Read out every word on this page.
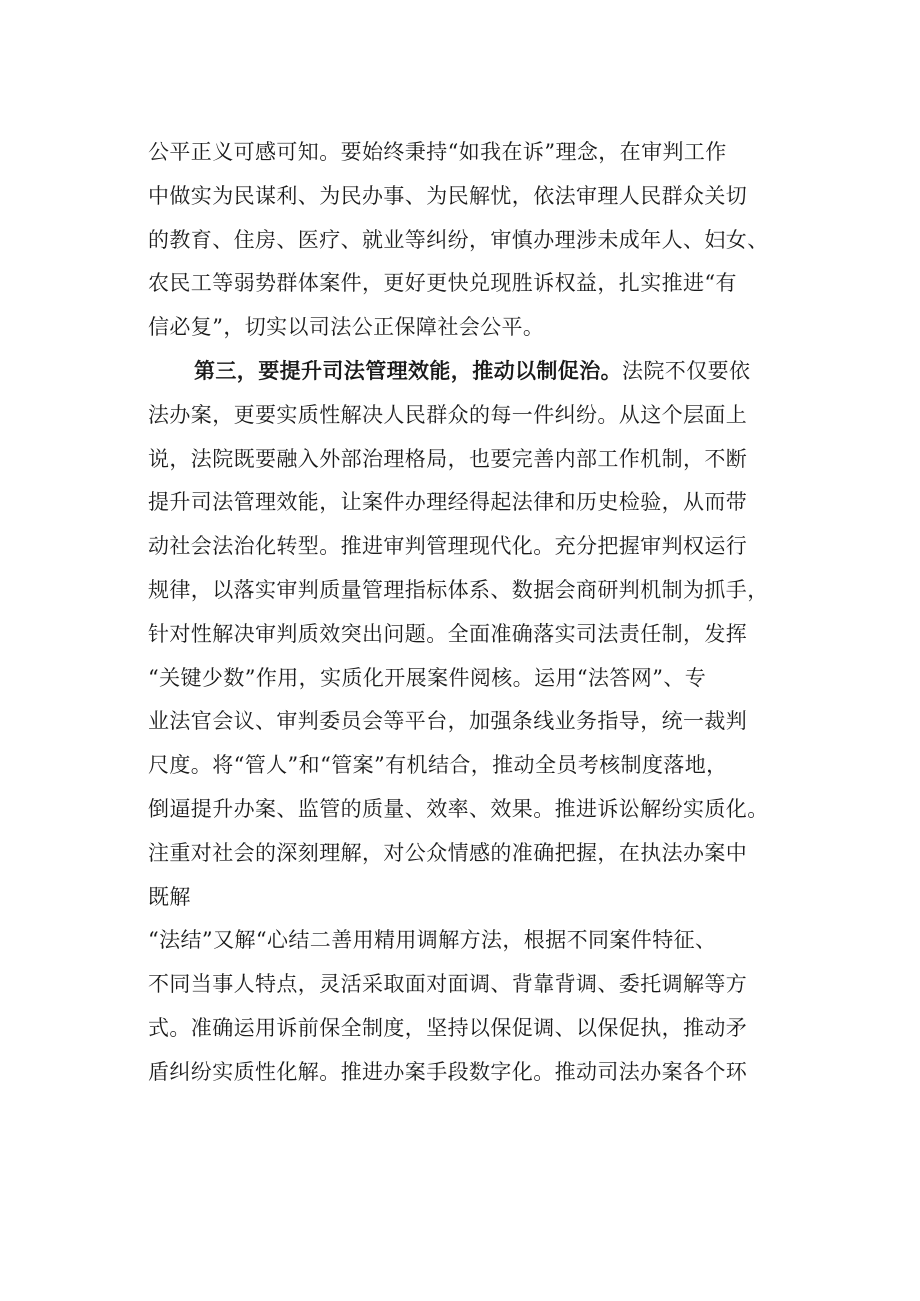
公平正义可感可知。要始终秉持“如我在诉”理念，在审判工作
中做实为民谋利、为民办事、为民解忧，依法审理人民群众关切
的教育、住房、医疗、就业等纠纷，审慎办理涉未成年人、妇女、
农民工等弱势群体案件，更好更快兑现胜诉权益，扎实推进“有
信必复”，切实以司法公正保障社会公平。
第三，要提升司法管理效能，推动以制促治。法院不仅要依
法办案，更要实质性解决人民群众的每一件纠纷。从这个层面上
说，法院既要融入外部治理格局，也要完善内部工作机制，不断
提升司法管理效能，让案件办理经得起法律和历史检验，从而带
动社会法治化转型。推进审判管理现代化。充分把握审判权运行
规律，以落实审判质量管理指标体系、数据会商研判机制为抓手，
针对性解决审判质效突出问题。全面准确落实司法责任制，发挥
“关键少数”作用，实质化开展案件阅核。运用“法答网”、专
业法官会议、审判委员会等平台，加强条线业务指导，统一裁判
尺度。将“管人”和“管案”有机结合，推动全员考核制度落地，
倒逼提升办案、监管的质量、效率、效果。推进诉讼解纷实质化。
注重对社会的深刻理解，对公众情感的准确把握，在执法办案中
既解
“法结”又解“心结二善用精用调解方法，根据不同案件特征、
不同当事人特点，灵活采取面对面调、背靠背调、委托调解等方
式。准确运用诉前保全制度，坚持以保促调、以保促执，推动矛
盾纠纷实质性化解。推进办案手段数字化。推动司法办案各个环
